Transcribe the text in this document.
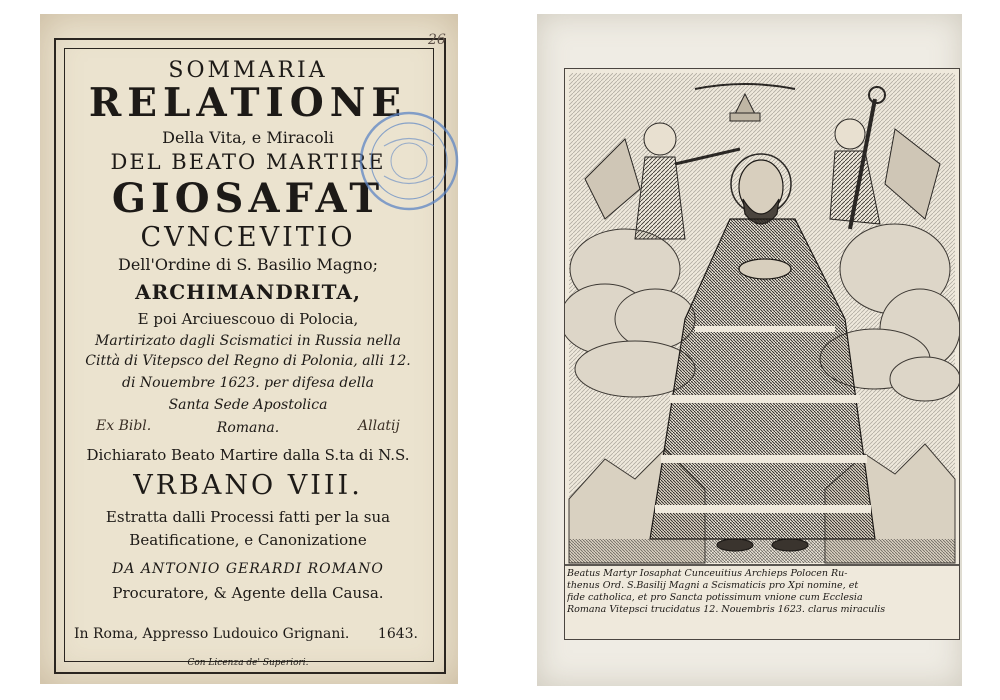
26
SOMMARIA
RELATIONE
Della Vita, e Miracoli
DEL BEATO MARTIRE
GIOSAFAT
CVNCEVITIO
Dell'Ordine di S. Basilio Magno;
ARCHIMANDRITA,
E poi Arciuescouo di Polocia,
Martirizato dagli Scismatici in Russia nella
Città di Vitepsco del Regno di Polonia, alli 12.
di Nouembre 1623. per difesa della
Santa Sede Apostolica
Romana.
Dichiarato Beato Martire dalla S.ta di N.S.
VRBANO VIII.
Estratta dalli Processi fatti per la sua
Beatificatione, e Canonizatione
DA ANTONIO GERARDI ROMANO
Procuratore, & Agente della Causa.
Ex Bibl.	Allatij
In Roma, Appresso Ludouico Grignani. 1643.
Con Licenza de' Superiori.
Beatus Martyr Iosaphat Cunceuitius Archieps Polocen Ru-
thenus Ord. S.Basilij Magni a Scismaticis pro Xpi nomine, et
fide catholica, et pro Sancta potissimum vnione cum Ecclesia
Romana Vitepsci trucidatus 12. Nouembris 1623. clarus miraculis
